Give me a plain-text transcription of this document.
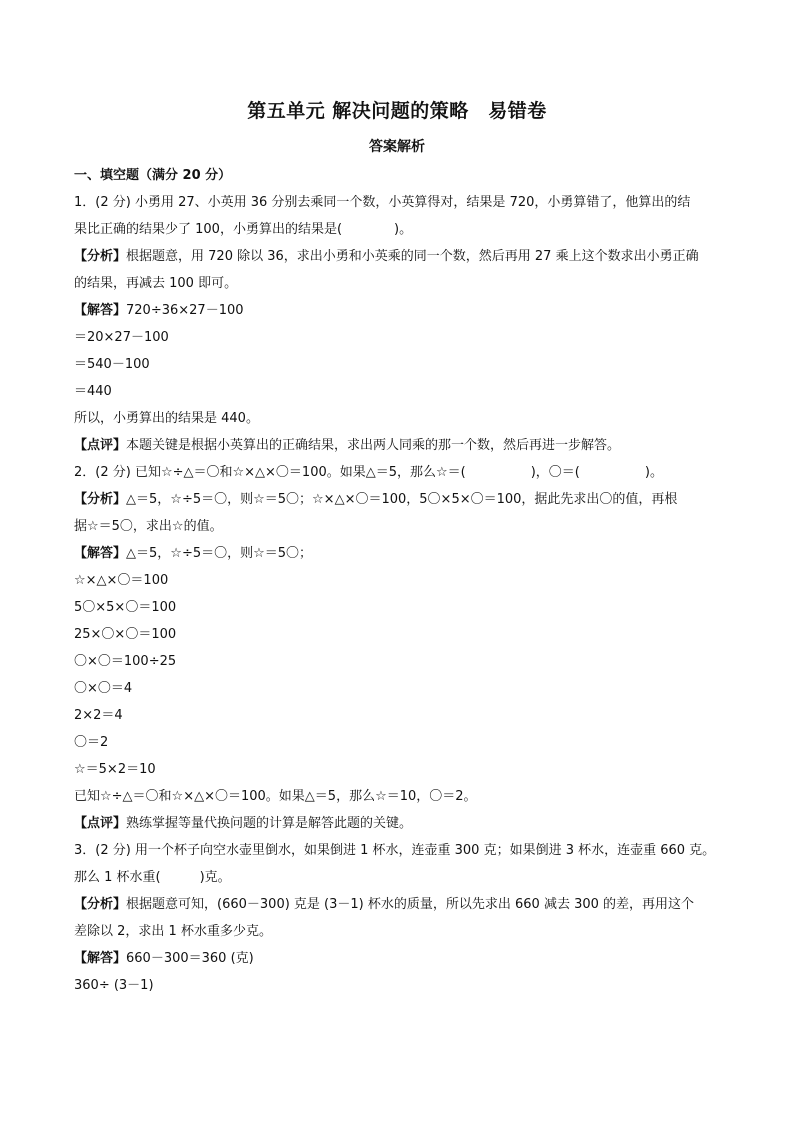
第五单元 解决问题的策略　易错卷
答案解析
一、填空题（满分 20 分）
1．(2 分) 小勇用 27、小英用 36 分别去乘同一个数，小英算得对，结果是 720，小勇算错了，他算出的结
果比正确的结果少了 100，小勇算出的结果是(　　　　)。
【分析】根据题意，用 720 除以 36，求出小勇和小英乘的同一个数，然后再用 27 乘上这个数求出小勇正确
的结果，再减去 100 即可。
【解答】720÷36×27－100
＝20×27－100
＝540－100
＝440
所以，小勇算出的结果是 440。
【点评】本题关键是根据小英算出的正确结果，求出两人同乘的那一个数，然后再进一步解答。
2．(2 分) 已知☆÷△＝〇和☆×△×〇＝100。如果△＝5，那么☆＝(　　　　　)，〇＝(　　　　　)。
【分析】△＝5，☆÷5＝〇，则☆＝5〇；☆×△×〇＝100，5〇×5×〇＝100，据此先求出〇的值，再根
据☆＝5〇，求出☆的值。
【解答】△＝5，☆÷5＝〇，则☆＝5〇；
☆×△×〇＝100
5〇×5×〇＝100
25×〇×〇＝100
〇×〇＝100÷25
〇×〇＝4
2×2＝4
〇＝2
☆＝5×2＝10
已知☆÷△＝〇和☆×△×〇＝100。如果△＝5，那么☆＝10，〇＝2。
【点评】熟练掌握等量代换问题的计算是解答此题的关键。
3．(2 分) 用一个杯子向空水壶里倒水，如果倒进 1 杯水，连壶重 300 克；如果倒进 3 杯水，连壶重 660 克。
那么 1 杯水重(　　　)克。
【分析】根据题意可知，(660－300) 克是 (3－1) 杯水的质量，所以先求出 660 减去 300 的差，再用这个
差除以 2，求出 1 杯水重多少克。
【解答】660－300＝360 (克)
360÷ (3－1)
